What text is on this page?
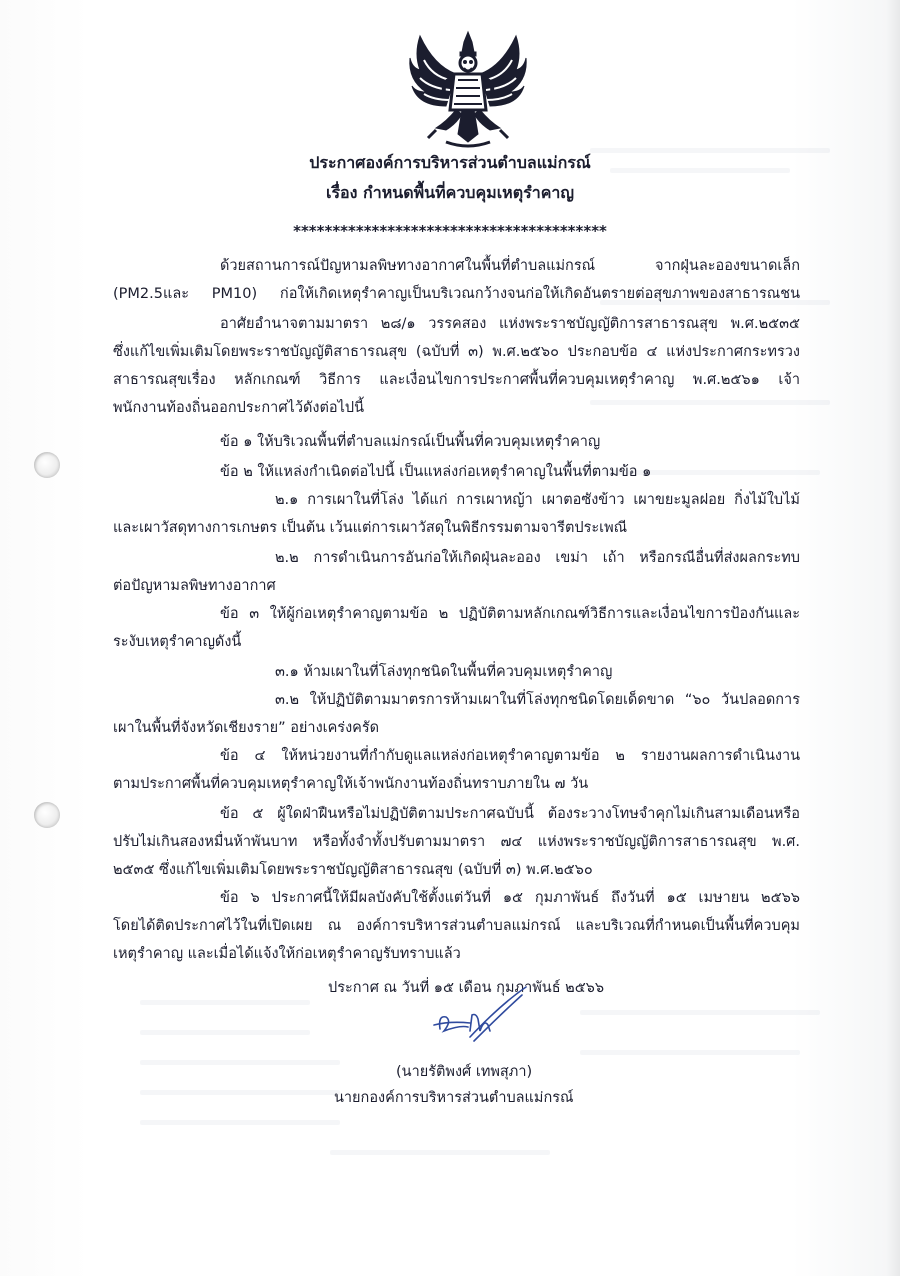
ประกาศองค์การบริหารส่วนตำบลแม่กรณ์
เรื่อง กำหนดพื้นที่ควบคุมเหตุรำคาญ
****************************************
ด้วยสถานการณ์ปัญหามลพิษทางอากาศในพื้นที่ตำบลแม่กรณ์ จากฝุ่นละอองขนาดเล็ก
(PM2.5และ PM10) ก่อให้เกิดเหตุรำคาญเป็นบริเวณกว้างจนก่อให้เกิดอันตรายต่อสุขภาพของสาธารณชน
อาศัยอำนาจตามมาตรา ๒๘/๑ วรรคสอง แห่งพระราชบัญญัติการสาธารณสุข พ.ศ.๒๕๓๕
ซึ่งแก้ไขเพิ่มเติมโดยพระราชบัญญัติสาธารณสุข (ฉบับที่ ๓) พ.ศ.๒๕๖๐ ประกอบข้อ ๔ แห่งประกาศกระทรวง
สาธารณสุขเรื่อง หลักเกณฑ์ วิธีการ และเงื่อนไขการประกาศพื้นที่ควบคุมเหตุรำคาญ พ.ศ.๒๕๖๑ เจ้า
พนักงานท้องถิ่นออกประกาศไว้ดังต่อไปนี้
ข้อ ๑ ให้บริเวณพื้นที่ตำบลแม่กรณ์เป็นพื้นที่ควบคุมเหตุรำคาญ
ข้อ ๒ ให้แหล่งกำเนิดต่อไปนี้ เป็นแหล่งก่อเหตุรำคาญในพื้นที่ตามข้อ ๑
๒.๑ การเผาในที่โล่ง ได้แก่ การเผาหญ้า เผาตอซังข้าว เผาขยะมูลฝอย กิ่งไม้ใบไม้
และเผาวัสดุทางการเกษตร เป็นต้น เว้นแต่การเผาวัสดุในพิธีกรรมตามจารีตประเพณี
๒.๒ การดำเนินการอันก่อให้เกิดฝุ่นละออง เขม่า เถ้า หรือกรณีอื่นที่ส่งผลกระทบ
ต่อปัญหามลพิษทางอากาศ
ข้อ ๓ ให้ผู้ก่อเหตุรำคาญตามข้อ ๒ ปฏิบัติตามหลักเกณฑ์วิธีการและเงื่อนไขการป้องกันและ
ระงับเหตุรำคาญดังนี้
๓.๑ ห้ามเผาในที่โล่งทุกชนิดในพื้นที่ควบคุมเหตุรำคาญ
๓.๒ ให้ปฏิบัติตามมาตรการห้ามเผาในที่โล่งทุกชนิดโดยเด็ดขาด “๖๐ วันปลอดการ
เผาในพื้นที่จังหวัดเชียงราย” อย่างเคร่งครัด
ข้อ ๔ ให้หน่วยงานที่กำกับดูแลแหล่งก่อเหตุรำคาญตามข้อ ๒ รายงานผลการดำเนินงาน
ตามประกาศพื้นที่ควบคุมเหตุรำคาญให้เจ้าพนักงานท้องถิ่นทราบภายใน ๗ วัน
ข้อ ๕ ผู้ใดฝ่าฝืนหรือไม่ปฏิบัติตามประกาศฉบับนี้ ต้องระวางโทษจำคุกไม่เกินสามเดือนหรือ
ปรับไม่เกินสองหมื่นห้าพันบาท หรือทั้งจำทั้งปรับตามมาตรา ๗๔ แห่งพระราชบัญญัติการสาธารณสุข พ.ศ.
๒๕๓๕ ซึ่งแก้ไขเพิ่มเติมโดยพระราชบัญญัติสาธารณสุข (ฉบับที่ ๓) พ.ศ.๒๕๖๐
ข้อ ๖ ประกาศนี้ให้มีผลบังคับใช้ตั้งแต่วันที่ ๑๕ กุมภาพันธ์ ถึงวันที่ ๑๕ เมษายน ๒๕๖๖
โดยได้ติดประกาศไว้ในที่เปิดเผย ณ องค์การบริหารส่วนตำบลแม่กรณ์ และบริเวณที่กำหนดเป็นพื้นที่ควบคุม
เหตุรำคาญ และเมื่อได้แจ้งให้ก่อเหตุรำคาญรับทราบแล้ว
ประกาศ ณ วันที่ ๑๕ เดือน กุมภาพันธ์ ๒๕๖๖
(นายรัติพงศ์ เทพสุภา)
นายกองค์การบริหารส่วนตำบลแม่กรณ์
